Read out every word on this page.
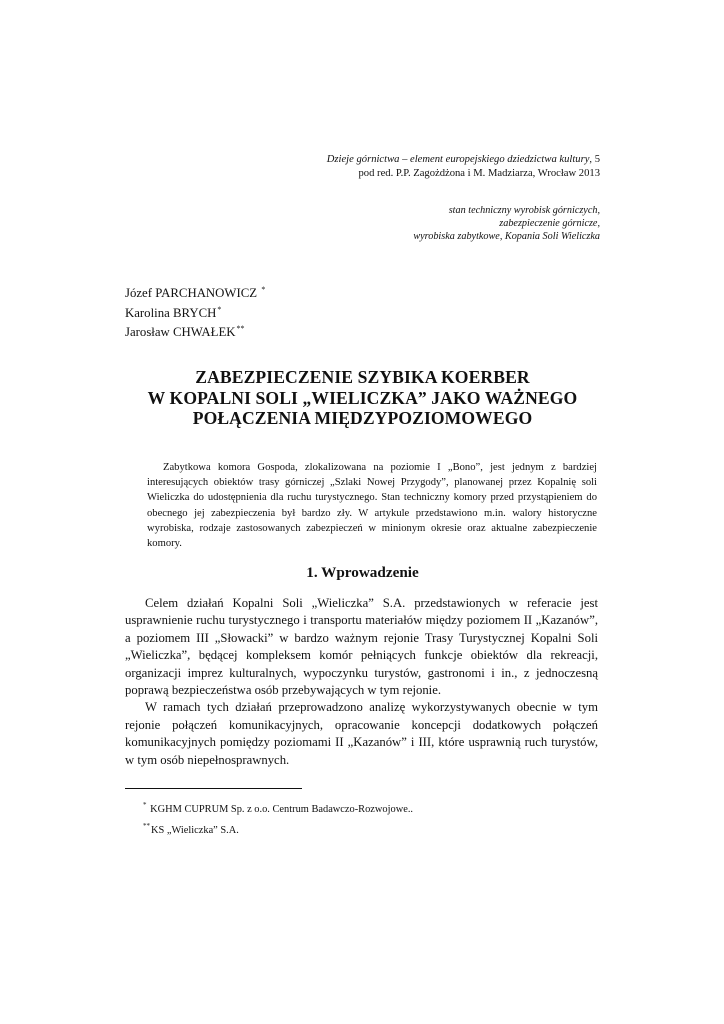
Dzieje górnictwa – element europejskiego dziedzictwa kultury, 5
pod red. P.P. Zagożdżona i M. Madziarza, Wrocław 2013
stan techniczny wyrobisk górniczych,
zabezpieczenie górnicze,
wyrobiska zabytkowe, Kopania Soli Wieliczka
Józef PARCHANOWICZ *
Karolina BRYCH*
Jarosław CHWAŁEK**
ZABEZPIECZENIE SZYBIKA KOERBER
W KOPALNI SOLI „WIELICZKA” JAKO WAŻNEGO
POŁĄCZENIA MIĘDZYPOZIOMOWEGO
Zabytkowa komora Gospoda, zlokalizowana na poziomie I „Bono”, jest jednym z bardziej interesujących obiektów trasy górniczej „Szlaki Nowej Przygody”, planowanej przez Kopalnię soli Wieliczka do udostępnienia dla ruchu turystycznego. Stan techniczny komory przed przystąpieniem do obecnego jej zabezpieczenia był bardzo zły. W artykule przedstawiono m.in. walory historyczne wyrobiska, rodzaje zastosowanych zabezpieczeń w minionym okresie oraz aktualne zabezpieczenie komory.
1. Wprowadzenie

Celem działań Kopalni Soli „Wieliczka” S.A. przedstawionych w referacie jest usprawnienie ruchu turystycznego i transportu materiałów między poziomem II „Kazanów”, a poziomem III „Słowacki” w bardzo ważnym rejonie Trasy Turystycznej Kopalni Soli „Wieliczka”, będącej kompleksem komór pełniących funkcje obiektów dla rekreacji, organizacji imprez kulturalnych, wypoczynku turystów, gastronomi i in., z jednoczesną poprawą bezpieczeństwa osób przebywających w tym rejonie.

W ramach tych działań przeprowadzono analizę wykorzystywanych obecnie w tym rejonie połączeń komunikacyjnych, opracowanie koncepcji dodatkowych połączeń komunikacyjnych pomiędzy poziomami II „Kazanów” i III, które usprawnią ruch turystów, w tym osób niepełnosprawnych.

* KGHM CUPRUM Sp. z o.o. Centrum Badawczo-Rozwojowe..
**KS „Wieliczka” S.A.
